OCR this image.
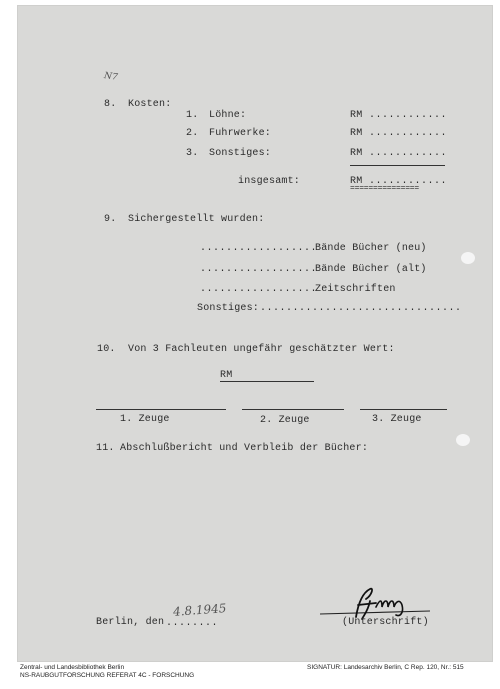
N7
8. Kosten:
1. Löhne:	RM ............
2. Fuhrwerke:	RM ............
3. Sonstiges:	RM ............
insgesamt:	RM ............
===============
9. Sichergestellt wurden:
..................
Bände Bücher (neu)
..................
Bände Bücher (alt)
..................
Zeitschriften
Sonstiges: ...............................
10. Von 3 Fachleuten ungefähr geschätzter Wert:
RM
1. Zeuge	2. Zeuge	3. Zeuge
11. Abschlußbericht und Verbleib der Bücher:
Berlin, den ........
4.8.1945
(Unterschrift)
Zentral- und Landesbibliothek Berlin
NS-RAUBGUTFORSCHUNG REFERAT 4C - FORSCHUNG
SIGNATUR: Landesarchiv Berlin, C Rep. 120, Nr.: 515
